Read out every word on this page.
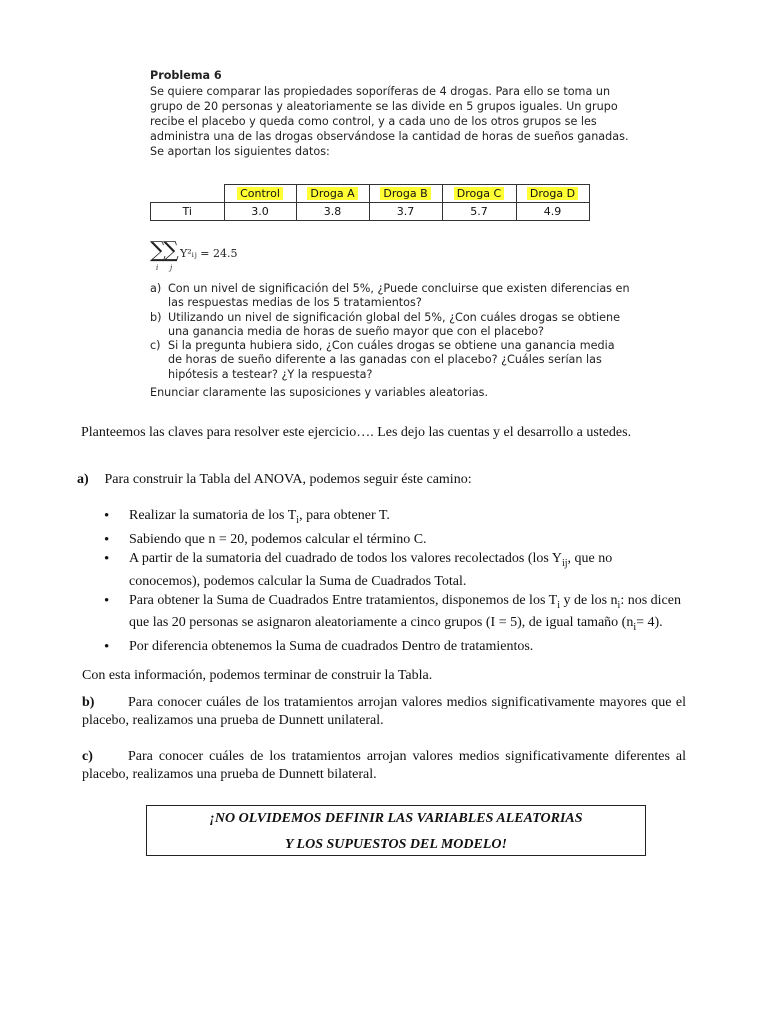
Problema 6
Se quiere comparar las propiedades soporíferas de 4 drogas. Para ello se toma un grupo de 20 personas y aleatoriamente se las divide en 5 grupos iguales. Un grupo recibe el placebo y queda como control, y a cada uno de los otros grupos se les administra una de las drogas observándose la cantidad de horas de sueños ganadas. Se aportan los siguientes datos:
	Control	Droga A	Droga B	Droga C	Droga D
Ti	3.0	3.8	3.7	5.7	4.9
∑
∑
i j
Y²ᵢⱼ = 24.5
a) Con un nivel de significación del 5%, ¿Puede concluirse que existen diferencias en las respuestas medias de los 5 tratamientos?
b) Utilizando un nivel de significación global del 5%, ¿Con cuáles drogas se obtiene una ganancia media de horas de sueño mayor que con el placebo?
c) Si la pregunta hubiera sido, ¿Con cuáles drogas se obtiene una ganancia media de horas de sueño diferente a las ganadas con el placebo? ¿Cuáles serían las hipótesis a testear? ¿Y la respuesta?
Enunciar claramente las suposiciones y variables aleatorias.
Planteemos las claves para resolver este ejercicio…. Les dejo las cuentas y el desarrollo a ustedes.
a) Para construir la Tabla del ANOVA, podemos seguir éste camino:
• Realizar la sumatoria de los $T_i$, para obtener T.
• Sabiendo que n = 20, podemos calcular el término C.
• A partir de la sumatoria del cuadrado de todos los valores recolectados (los $Y_{ij}$, que no conocemos), podemos calcular la Suma de Cuadrados Total.
• Para obtener la Suma de Cuadrados Entre tratamientos, disponemos de los $T_i$ y de los $n_i$: nos dicen que las 20 personas se asignaron aleatoriamente a cinco grupos (I = 5), de igual tamaño $(n_i= 4)$.
• Por diferencia obtenemos la Suma de cuadrados Dentro de tratamientos.
Con esta información, podemos terminar de construir la Tabla.
b) Para conocer cuáles de los tratamientos arrojan valores medios significativamente mayores que el placebo, realizamos una prueba de Dunnett unilateral.
c)	Para conocer cuáles de los tratamientos arrojan valores medios significativamente diferentes al placebo, realizamos una prueba de Dunnett bilateral.
¡NO OLVIDEMOS DEFINIR LAS VARIABLES ALEATORIAS
Y LOS SUPUESTOS DEL MODELO!
